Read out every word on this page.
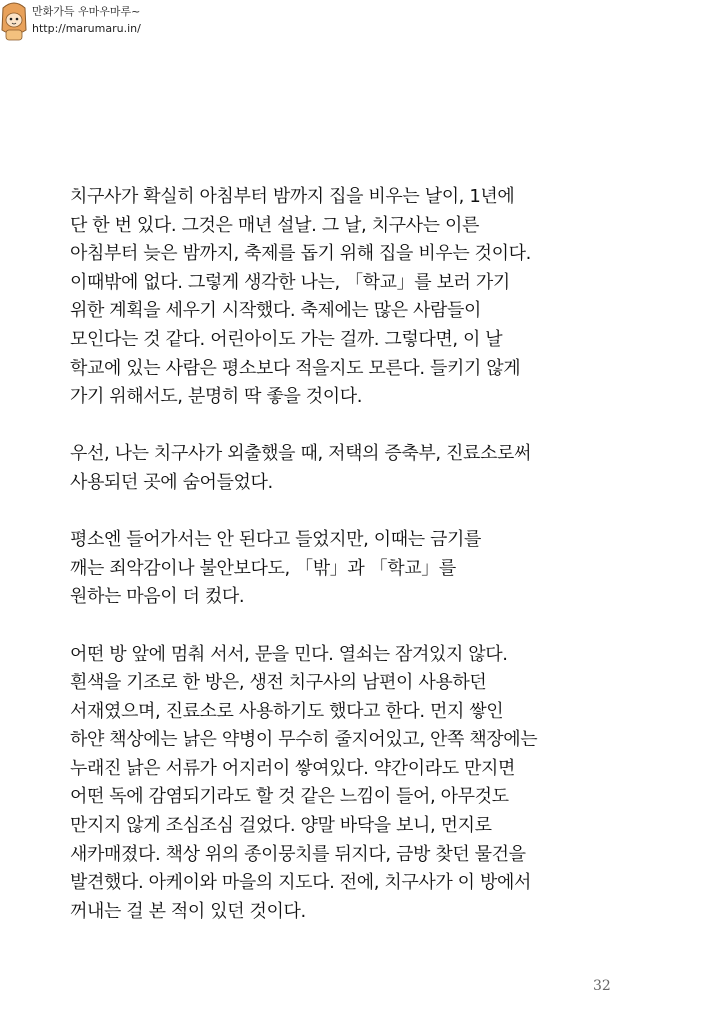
만화가득 우마우마루~
http://marumaru.in/
치구사가 확실히 아침부터 밤까지 집을 비우는 날이, 1년에
단 한 번 있다. 그것은 매년 설날. 그 날, 치구사는 이른
아침부터 늦은 밤까지, 축제를 돕기 위해 집을 비우는 것이다.
이때밖에 없다. 그렇게 생각한 나는, 「학교」를 보러 가기
위한 계획을 세우기 시작했다. 축제에는 많은 사람들이
모인다는 것 같다. 어린아이도 가는 걸까. 그렇다면, 이 날
학교에 있는 사람은 평소보다 적을지도 모른다. 들키기 않게
가기 위해서도, 분명히 딱 좋을 것이다.
우선, 나는 치구사가 외출했을 때, 저택의 증축부, 진료소로써
사용되던 곳에 숨어들었다.
평소엔 들어가서는 안 된다고 들었지만, 이때는 금기를
깨는 죄악감이나 불안보다도, 「밖」과 「학교」를
원하는 마음이 더 컸다.
어떤 방 앞에 멈춰 서서, 문을 민다. 열쇠는 잠겨있지 않다.
흰색을 기조로 한 방은, 생전 치구사의 남편이 사용하던
서재였으며, 진료소로 사용하기도 했다고 한다. 먼지 쌓인
하얀 책상에는 낡은 약병이 무수히 줄지어있고, 안쪽 책장에는
누래진 낡은 서류가 어지러이 쌓여있다. 약간이라도 만지면
어떤 독에 감염되기라도 할 것 같은 느낌이 들어, 아무것도
만지지 않게 조심조심 걸었다. 양말 바닥을 보니, 먼지로
새카매졌다. 책상 위의 종이뭉치를 뒤지다, 금방 찾던 물건을
발견했다. 아케이와 마을의 지도다. 전에, 치구사가 이 방에서
꺼내는 걸 본 적이 있던 것이다.
32
